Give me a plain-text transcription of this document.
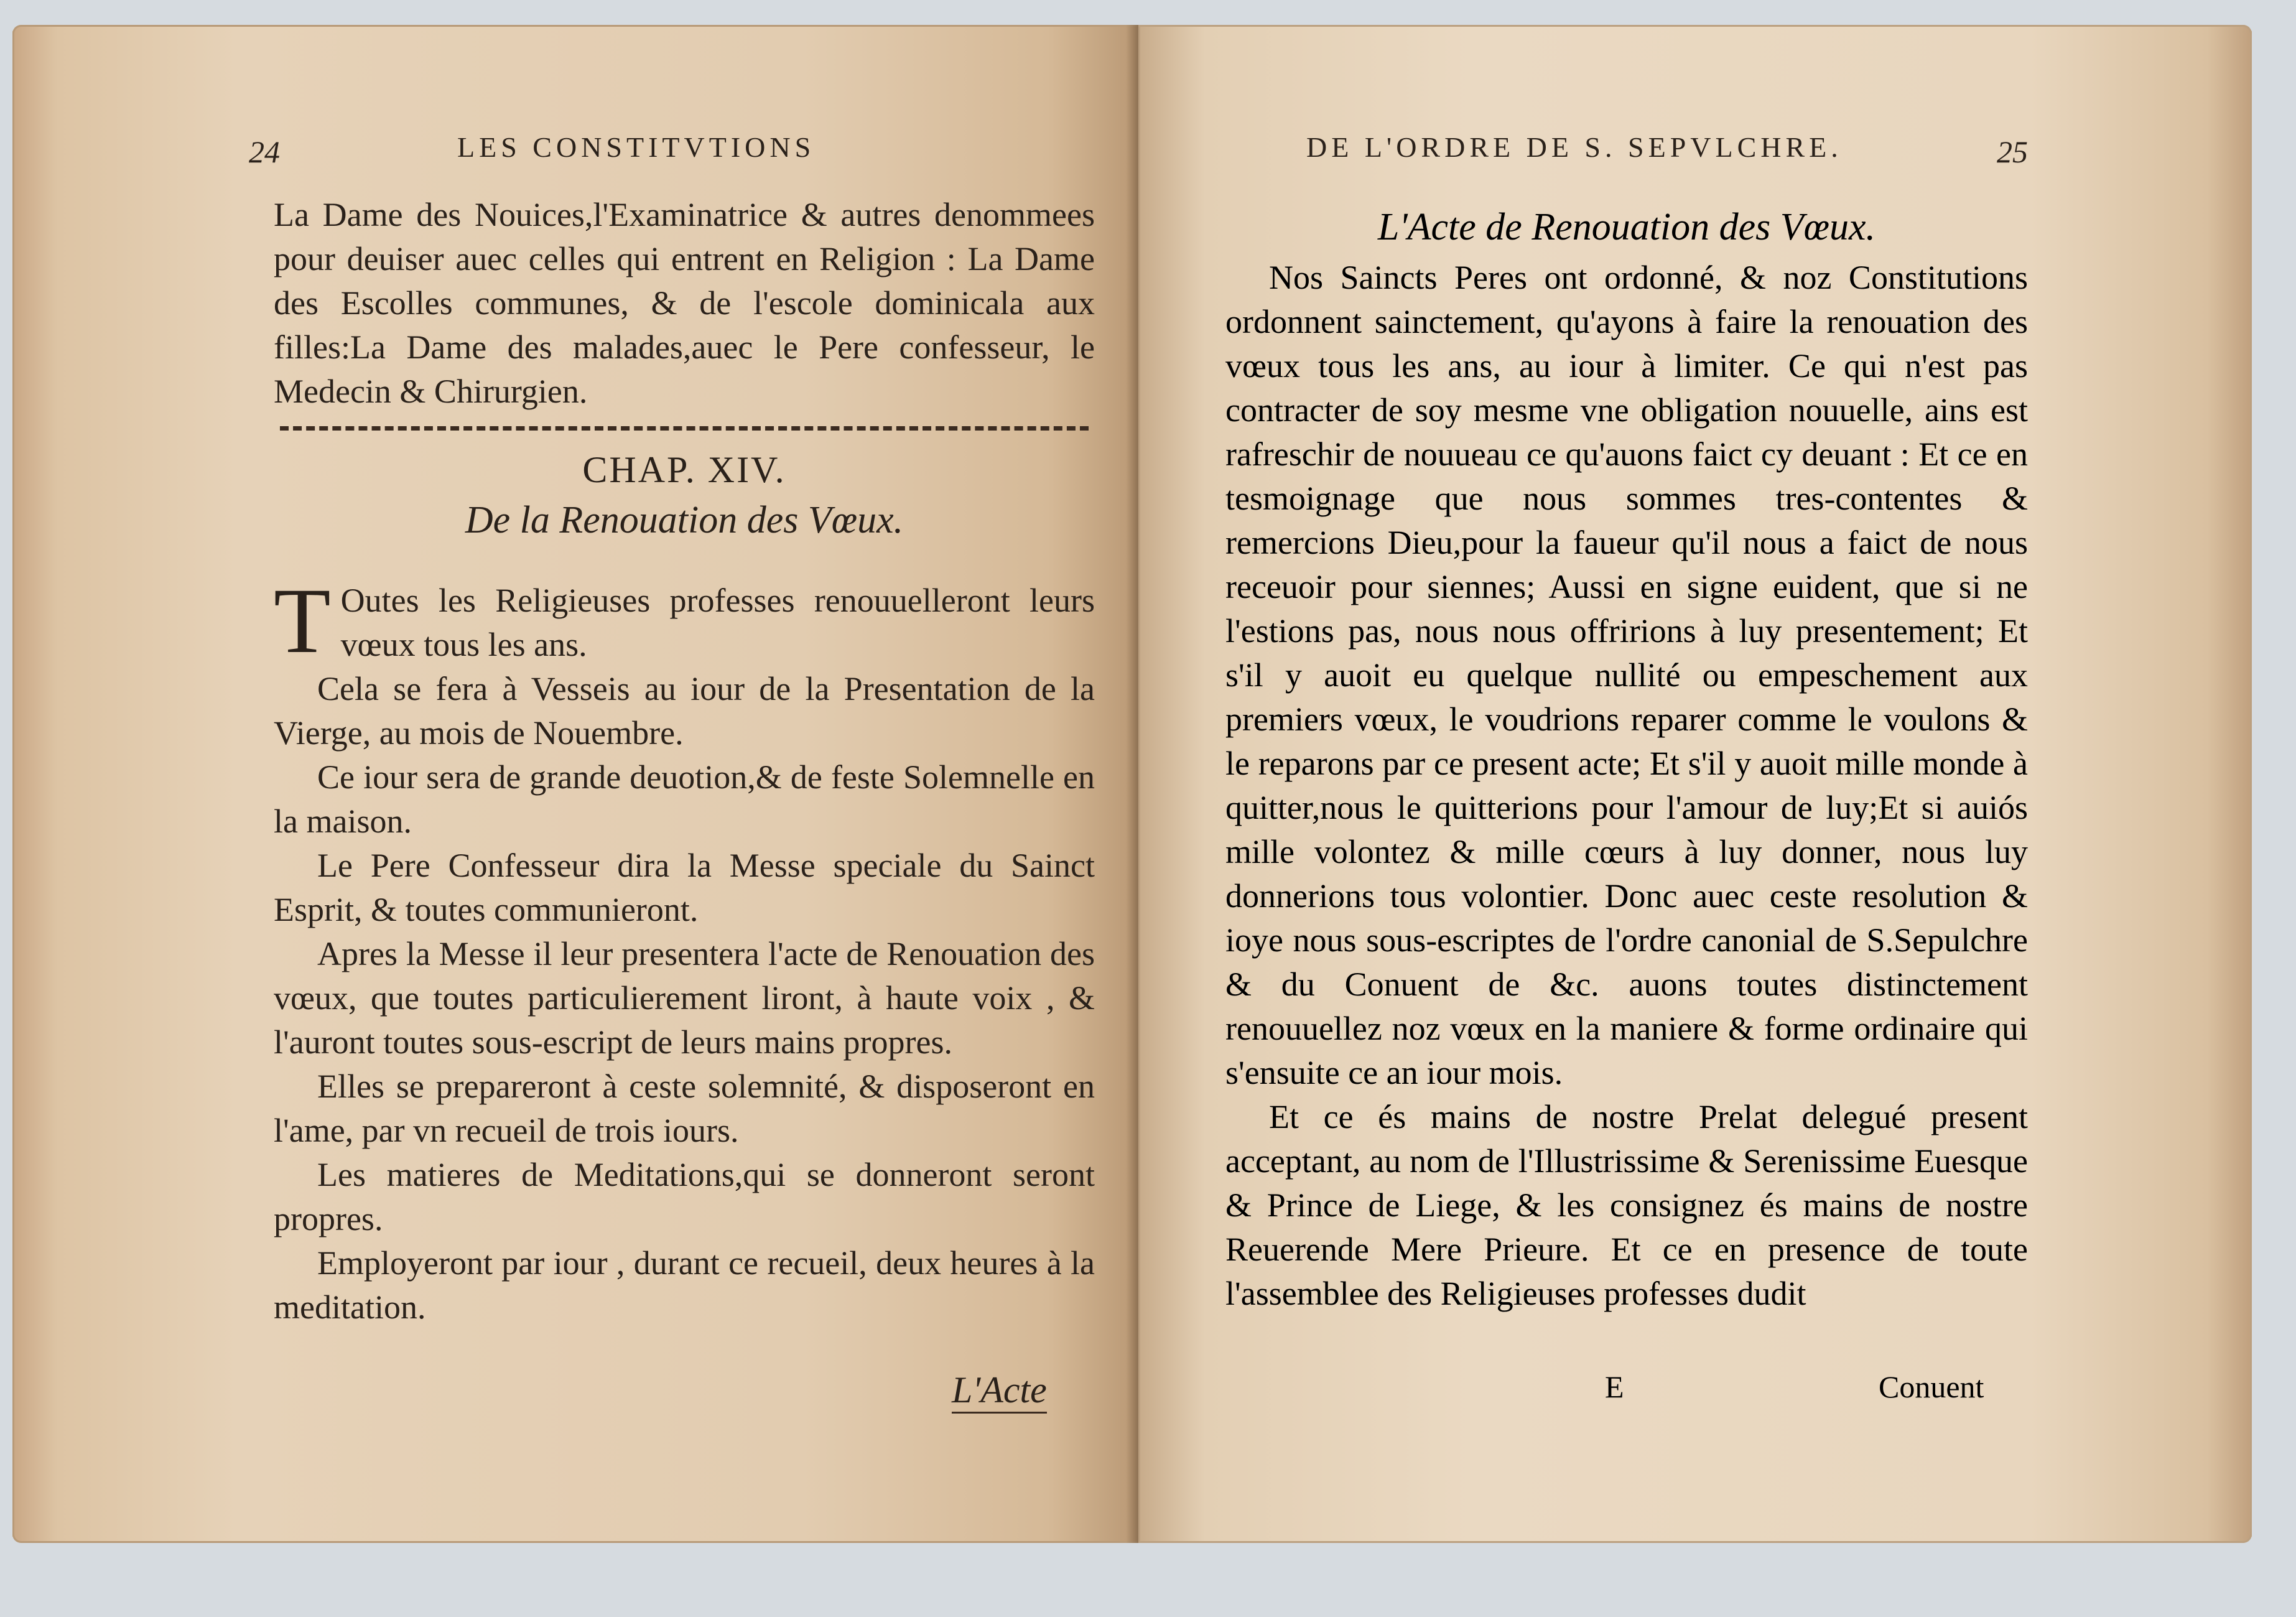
24	LES CONSTITVTIONS

La Dame des Nouices,l'Examinatrice & autres denommees pour deuiser auec celles qui entrent en Religion : La Dame des Escolles communes, & de l'escole dominicala aux filles:La Dame des malades,auec le Pere confesseur, le Medecin & Chirurgien.

CHAP. XIV.

De la Renouation des Vœux.

T Outes les Religieuses professes renouuelleront leurs vœux tous les ans.

Cela se fera à Vesseis au iour de la Presentation de la Vierge, au mois de Nouembre.

Ce iour sera de grande deuotion,& de feste Solemnelle en la maison.

Le Pere Confesseur dira la Messe speciale du Sainct Esprit, & toutes communieront.

Apres la Messe il leur presentera l'acte de Renouation des vœux, que toutes particulierement liront, à haute voix , & l'auront toutes sous-escript de leurs mains propres.

Elles se prepareront à ceste solemnité, & disposeront en l'ame, par vn recueil de trois iours.

Les matieres de Meditations,qui se donneront seront propres.

Employeront par iour , durant ce recueil, deux heures à la meditation.

L'Acte
DE L'ORDRE DE S. SEPVLCHRE.	25

L'Acte de Renouation des Vœux.

Nos Saincts Peres ont ordonné, & noz Constitutions ordonnent sainctement, qu'ayons à faire la renouation des vœux tous les ans, au iour à limiter. Ce qui n'est pas contracter de soy mesme vne obligation nouuelle, ains est rafreschir de nouueau ce qu'auons faict cy deuant : Et ce en tesmoignage que nous sommes tres-contentes & remercions Dieu,pour la faueur qu'il nous a faict de nous receuoir pour siennes; Aussi en signe euident, que si ne l'estions pas, nous nous offririons à luy presentement; Et s'il y auoit eu quelque nullité ou empeschement aux premiers vœux, le voudrions reparer comme le voulons & le reparons par ce present acte; Et s'il y auoit mille monde à quitter,nous le quitterions pour l'amour de luy;Et si auiós mille volontez & mille cœurs à luy donner, nous luy donnerions tous volontier. Donc auec ceste resolution & ioye nous sous-escriptes de l'ordre canonial de S.Sepulchre & du Conuent de &c. auons toutes distinctement renouuellez noz vœux en la maniere & forme ordinaire qui s'ensuite ce an iour mois.

Et ce és mains de nostre Prelat delegué present acceptant, au nom de l'Illustrissime & Serenissime Euesque & Prince de Liege, & les consignez és mains de nostre Reuerende Mere Prieure. Et ce en presence de toute l'assemblee des Religieuses professes dudit

E	Conuent
